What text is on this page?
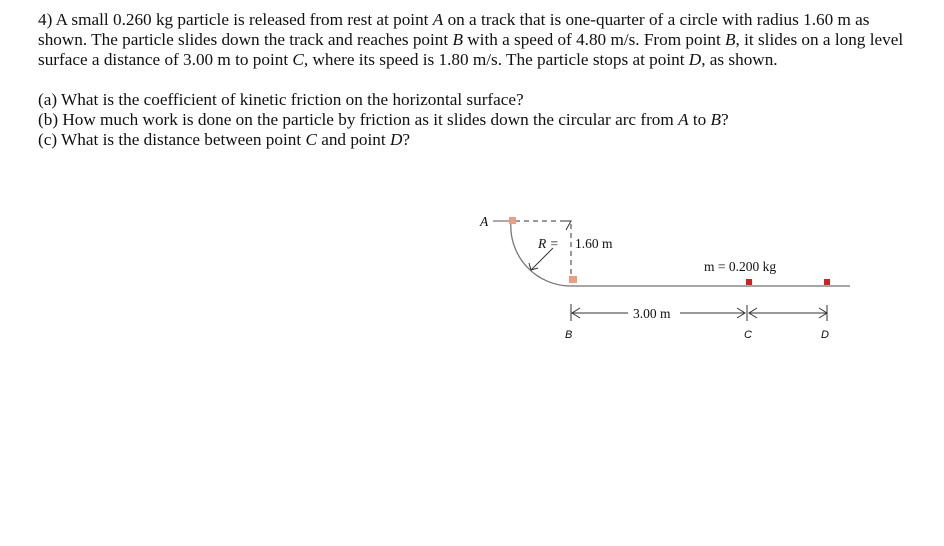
4) A small 0.260 kg particle is released from rest at point A on a track that is one-quarter of a circle with radius 1.60 m as shown. The particle slides down the track and reaches point B with a speed of 4.80 m/s. From point B, it slides on a long level surface a distance of 3.00 m to point C, where its speed is 1.80 m/s. The particle stops at point D, as shown.

(a) What is the coefficient of kinetic friction on the horizontal surface?
(b) How much work is done on the particle by friction as it slides down the circular arc from A to B?
(c) What is the distance between point C and point D?

A
R = 1.60 m
m = 0.200 kg
3.00 m
B	C	D
